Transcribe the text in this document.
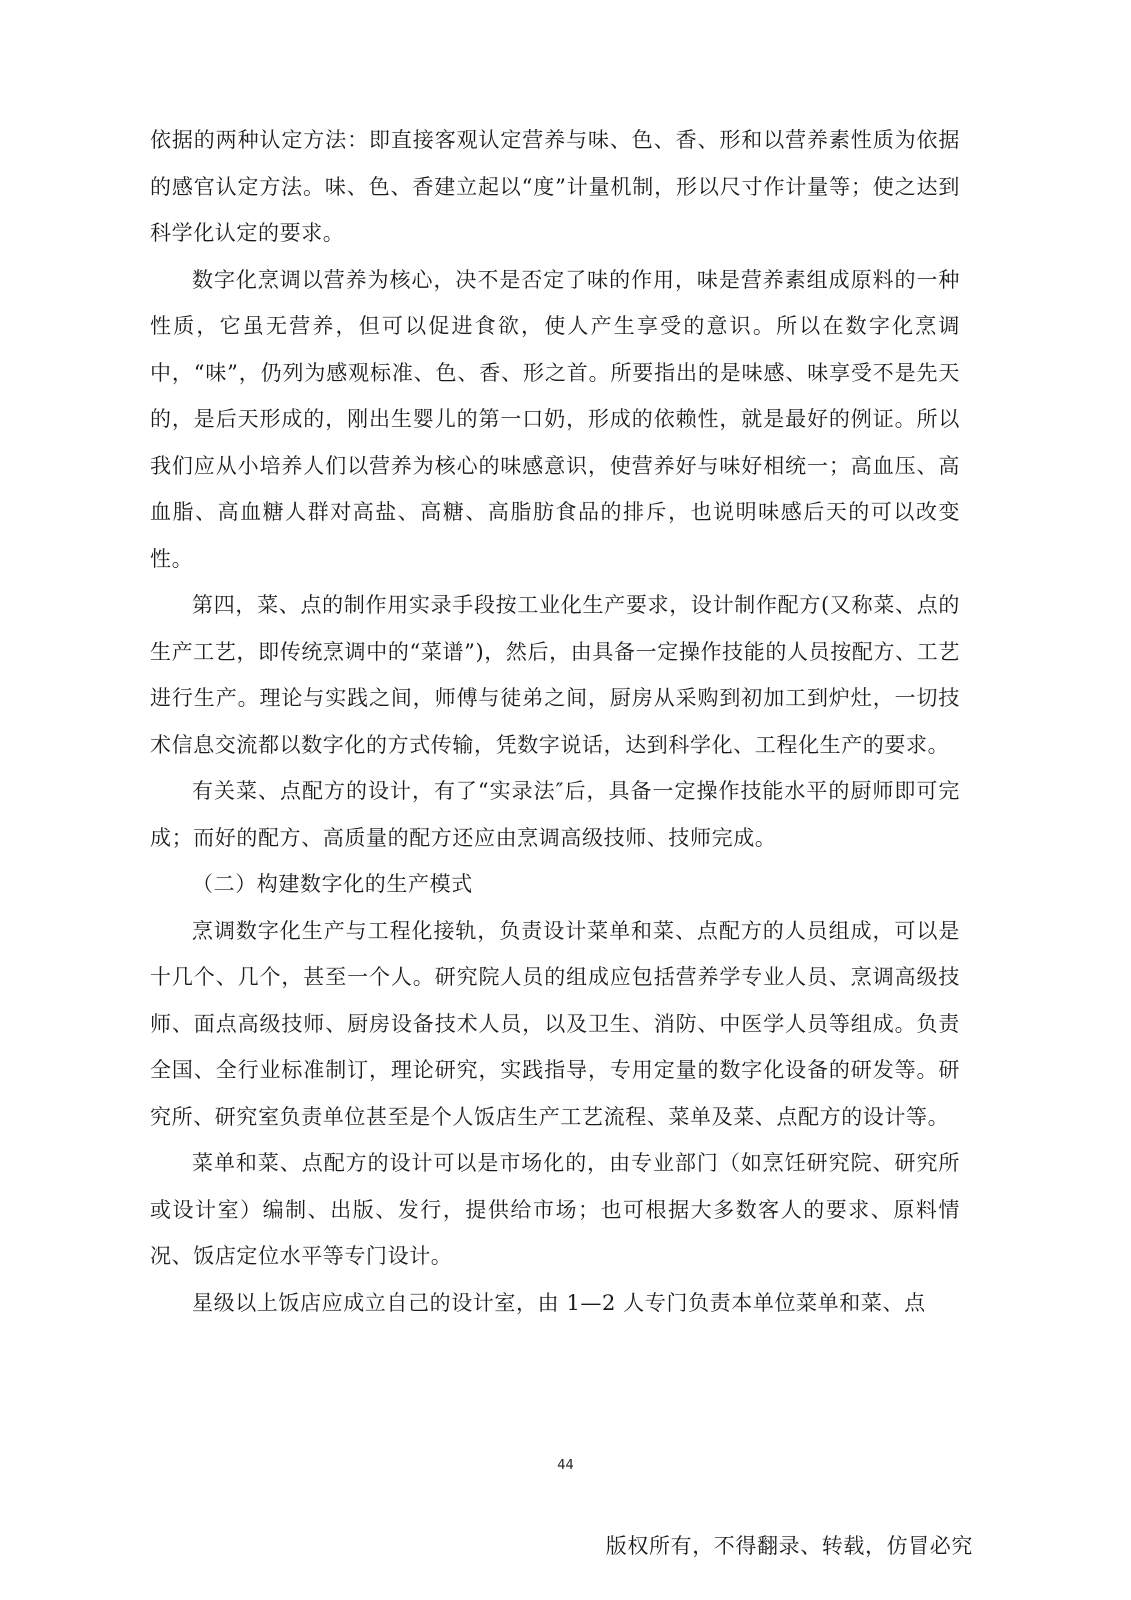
依据的两种认定方法：即直接客观认定营养与味、色、香、形和以营养素性质为依据的感官认定方法。味、色、香建立起以“度”计量机制，形以尺寸作计量等；使之达到科学化认定的要求。

数字化烹调以营养为核心，决不是否定了味的作用，味是营养素组成原料的一种性质，它虽无营养，但可以促进食欲，使人产生享受的意识。所以在数字化烹调中，“味”，仍列为感观标准、色、香、形之首。所要指出的是味感、味享受不是先天的，是后天形成的，刚出生婴儿的第一口奶，形成的依赖性，就是最好的例证。所以我们应从小培养人们以营养为核心的味感意识，使营养好与味好相统一；高血压、高血脂、高血糖人群对高盐、高糖、高脂肪食品的排斥，也说明味感后天的可以改变性。

第四，菜、点的制作用实录手段按工业化生产要求，设计制作配方(又称菜、点的生产工艺，即传统烹调中的“菜谱”)，然后，由具备一定操作技能的人员按配方、工艺进行生产。理论与实践之间，师傅与徒弟之间，厨房从采购到初加工到炉灶，一切技术信息交流都以数字化的方式传输，凭数字说话，达到科学化、工程化生产的要求。

有关菜、点配方的设计，有了“实录法″后，具备一定操作技能水平的厨师即可完成；而好的配方、高质量的配方还应由烹调高级技师、技师完成。

（二）构建数字化的生产模式

烹调数字化生产与工程化接轨，负责设计菜单和菜、点配方的人员组成，可以是十几个、几个，甚至一个人。研究院人员的组成应包括营养学专业人员、烹调高级技师、面点高级技师、厨房设备技术人员，以及卫生、消防、中医学人员等组成。负责全国、全行业标准制订，理论研究，实践指导，专用定量的数字化设备的研发等。研究所、研究室负责单位甚至是个人饭店生产工艺流程、菜单及菜、点配方的设计等。

菜单和菜、点配方的设计可以是市场化的，由专业部门（如烹饪研究院、研究所或设计室）编制、出版、发行，提供给市场；也可根据大多数客人的要求、原料情况、饭店定位水平等专门设计。

星级以上饭店应成立自己的设计室，由 1—2 人专门负责本单位菜单和菜、点

44
版权所有，不得翻录、转载，仿冒必究
